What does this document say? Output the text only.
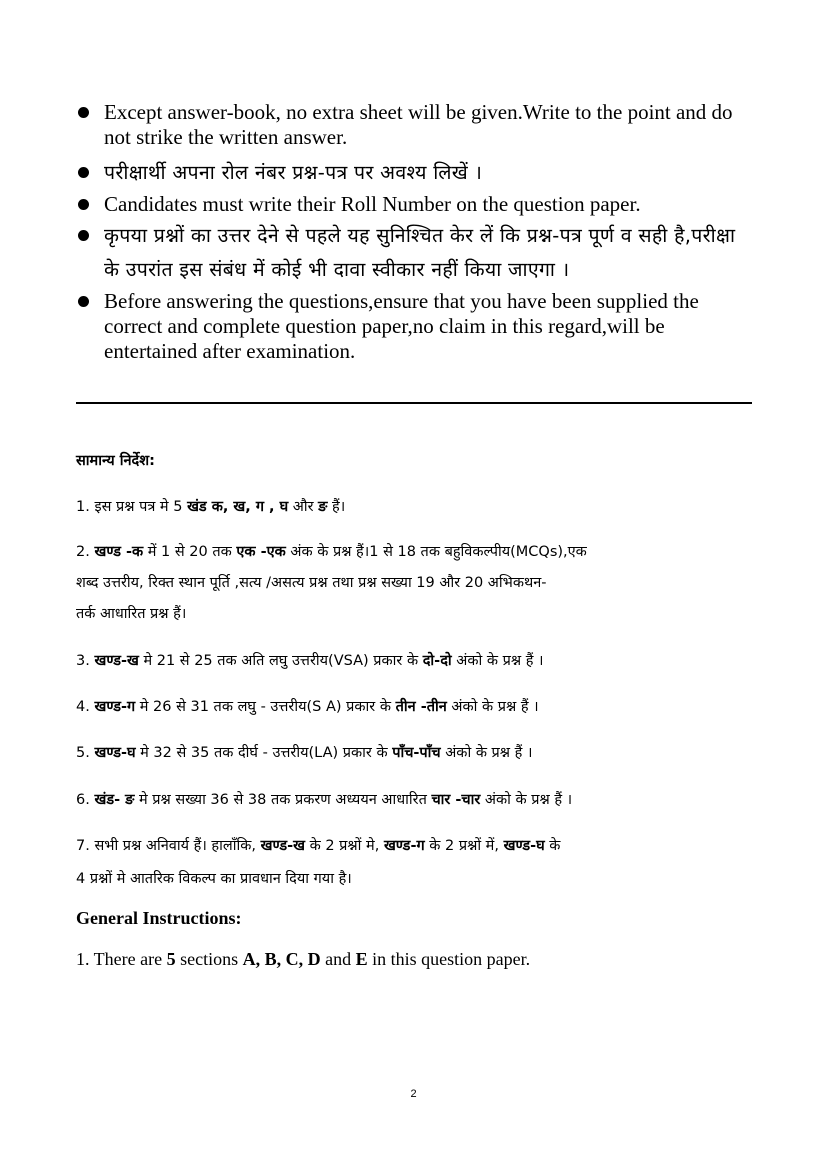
Except answer-book, no extra sheet will be given.Write to the point and do not strike the written answer.
परीक्षार्थी अपना रोल नंबर प्रश्न-पत्र पर अवश्य लिखें ।
Candidates must write their Roll Number on the question paper.
कृपया प्रश्नों का उत्तर देने से पहले यह सुनिश्चित केर लें कि प्रश्न-पत्र पूर्ण व सही है,परीक्षा के उपरांत इस संबंध में कोई भी दावा स्वीकार नहीं किया जाएगा ।
Before answering the questions,ensure that you have been supplied the correct and complete question paper,no claim in this regard,will be entertained after examination.
सामान्य निर्देश:
1. इस प्रश्न पत्र मे 5 खंड क, ख, ग , घ और ङ हैं।
2. खण्ड -क में 1 से 20 तक एक -एक अंक के प्रश्न हैं।1 से 18 तक बहुविकल्पीय(MCQs),एक
शब्द उत्तरीय, रिक्त स्थान पूर्ति ,सत्य /असत्य प्रश्न तथा प्रश्न सख्या 19 और 20 अभिकथन-
तर्क आधारित प्रश्न हैं।
3. खण्ड-ख मे 21 से 25 तक अति लघु उत्तरीय(VSA) प्रकार के दो-दो अंको के प्रश्न हैं ।
4. खण्ड-ग मे 26 से 31 तक लघु - उत्तरीय(S A) प्रकार के तीन -तीन अंको के प्रश्न हैं ।
5. खण्ड-घ मे 32 से 35 तक दीर्घ - उत्तरीय(LA) प्रकार के पाँच-पाँच अंको के प्रश्न हैं ।
6. खंड- ङ मे प्रश्न सख्या 36 से 38 तक प्रकरण अध्ययन आधारित चार -चार अंको के प्रश्न हैं ।
7. सभी प्रश्न अनिवार्य हैं। हालाँकि, खण्ड-ख के 2 प्रश्नों मे, खण्ड-ग के 2 प्रश्नों में, खण्ड-घ के
4 प्रश्नों मे आतरिक विकल्प का प्रावधान दिया गया है।
General Instructions:
1. There are 5 sections A, B, C, D and E in this question paper.
2
